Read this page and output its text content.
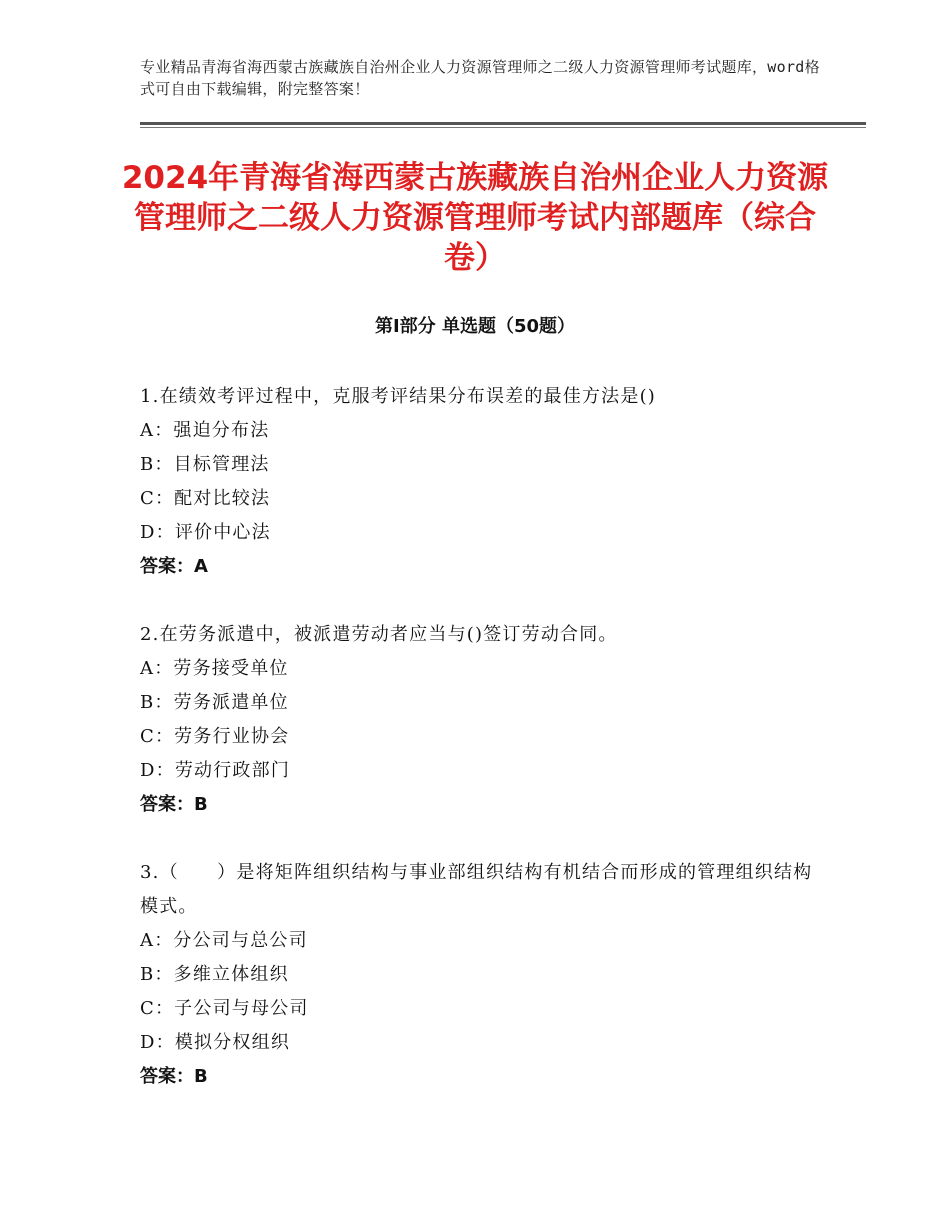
专业精品青海省海西蒙古族藏族自治州企业人力资源管理师之二级人力资源管理师考试题库，word格式可自由下载编辑，附完整答案！
2024年青海省海西蒙古族藏族自治州企业人力资源管理师之二级人力资源管理师考试内部题库（综合卷）
第Ⅰ部分 单选题（50题）
1.在绩效考评过程中，克服考评结果分布误差的最佳方法是()
A：强迫分布法
B：目标管理法
C：配对比较法
D：评价中心法
答案：A
2.在劳务派遣中，被派遣劳动者应当与()签订劳动合同。
A：劳务接受单位
B：劳务派遣单位
C：劳务行业协会
D：劳动行政部门
答案：B
3.（　　）是将矩阵组织结构与事业部组织结构有机结合而形成的管理组织结构模式。
A：分公司与总公司
B：多维立体组织
C：子公司与母公司
D：模拟分权组织
答案：B
